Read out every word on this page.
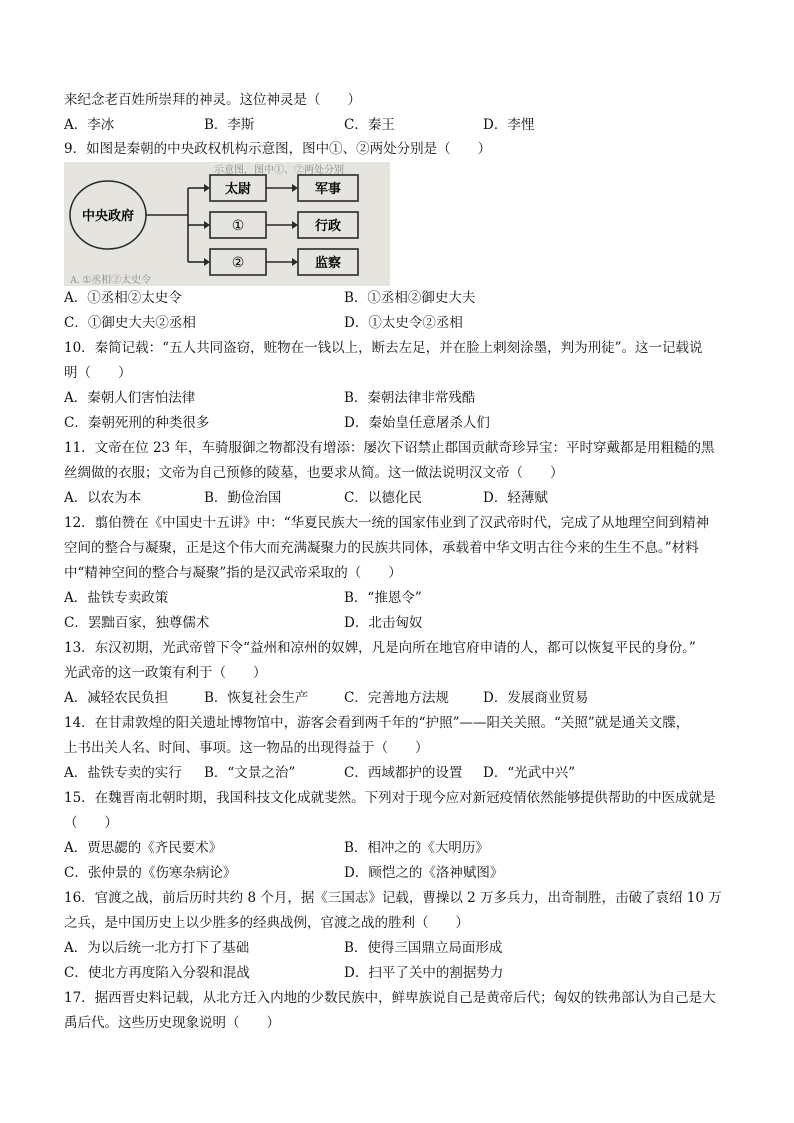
来纪念老百姓所崇拜的神灵。这位神灵是（　　）
A．李冰	B．李斯	C．秦王	D．李悝
9．如图是秦朝的中央政权机构示意图，图中①、②两处分别是（　　）
示意图，图中①、②两处分别
中央政府
太尉
①
②
军事
行政
监察
A. ①丞相②太史令
A．①丞相②太史令	B．①丞相②御史大夫
C．①御史大夫②丞相	D．①太史令②丞相
10．秦简记载：“五人共同盗窃，赃物在一钱以上，断去左足，并在脸上刺刻涂墨，判为刑徒”。这一记载说
明（　　）
A．秦朝人们害怕法律	B．秦朝法律非常残酷
C．秦朝死刑的种类很多	D．秦始皇任意屠杀人们
11．文帝在位 23 年，车骑服御之物都没有增添：屡次下诏禁止郡国贡献奇珍异宝：平时穿戴都是用粗糙的黑
丝绸做的衣服；文帝为自己预修的陵墓，也要求从简。这一做法说明汉文帝（　　）
A．以农为本	B．勤俭治国	C．以德化民	D．轻薄赋
12．翦伯赞在《中国史十五讲》中：“华夏民族大一统的国家伟业到了汉武帝时代，完成了从地理空间到精神
空间的整合与凝聚，正是这个伟大而充满凝聚力的民族共同体，承载着中华文明古往今来的生生不息。”材料
中“精神空间的整合与凝聚”指的是汉武帝采取的（　　）
A．盐铁专卖政策	B．“推恩令”
C．罢黜百家，独尊儒术	D．北击匈奴
13．东汉初期，光武帝曾下令“益州和凉州的奴婢，凡是向所在地官府申请的人，都可以恢复平民的身份。”
光武帝的这一政策有利于（　　）
A．减轻农民负担	B．恢复社会生产	C．完善地方法规	D．发展商业贸易
14．在甘肃敦煌的阳关遗址博物馆中，游客会看到两千年的“护照”——阳关关照。“关照”就是通关文牒，
上书出关人名、时间、事项。这一物品的出现得益于（　　）
A．盐铁专卖的实行 B．“文景之治”	C．西域都护的设置 D．“光武中兴”
15．在魏晋南北朝时期，我国科技文化成就斐然。下列对于现今应对新冠疫情依然能够提供帮助的中医成就是
（　　）
A．贾思勰的《齐民要术》	B．相冲之的《大明历》
C．张仲景的《伤寒杂病论》	D．顾恺之的《洛神赋图》
16．官渡之战，前后历时共约 8 个月，据《三国志》记载，曹操以 2 万多兵力，出奇制胜，击破了袁绍 10 万
之兵，是中国历史上以少胜多的经典战例，官渡之战的胜利（　　）
A．为以后统一北方打下了基础	B．使得三国鼎立局面形成
C．使北方再度陷入分裂和混战	D．扫平了关中的割据势力
17．据西晋史料记载，从北方迁入内地的少数民族中，鲜卑族说自己是黄帝后代；匈奴的铁弗部认为自己是大
禹后代。这些历史现象说明（　　）
